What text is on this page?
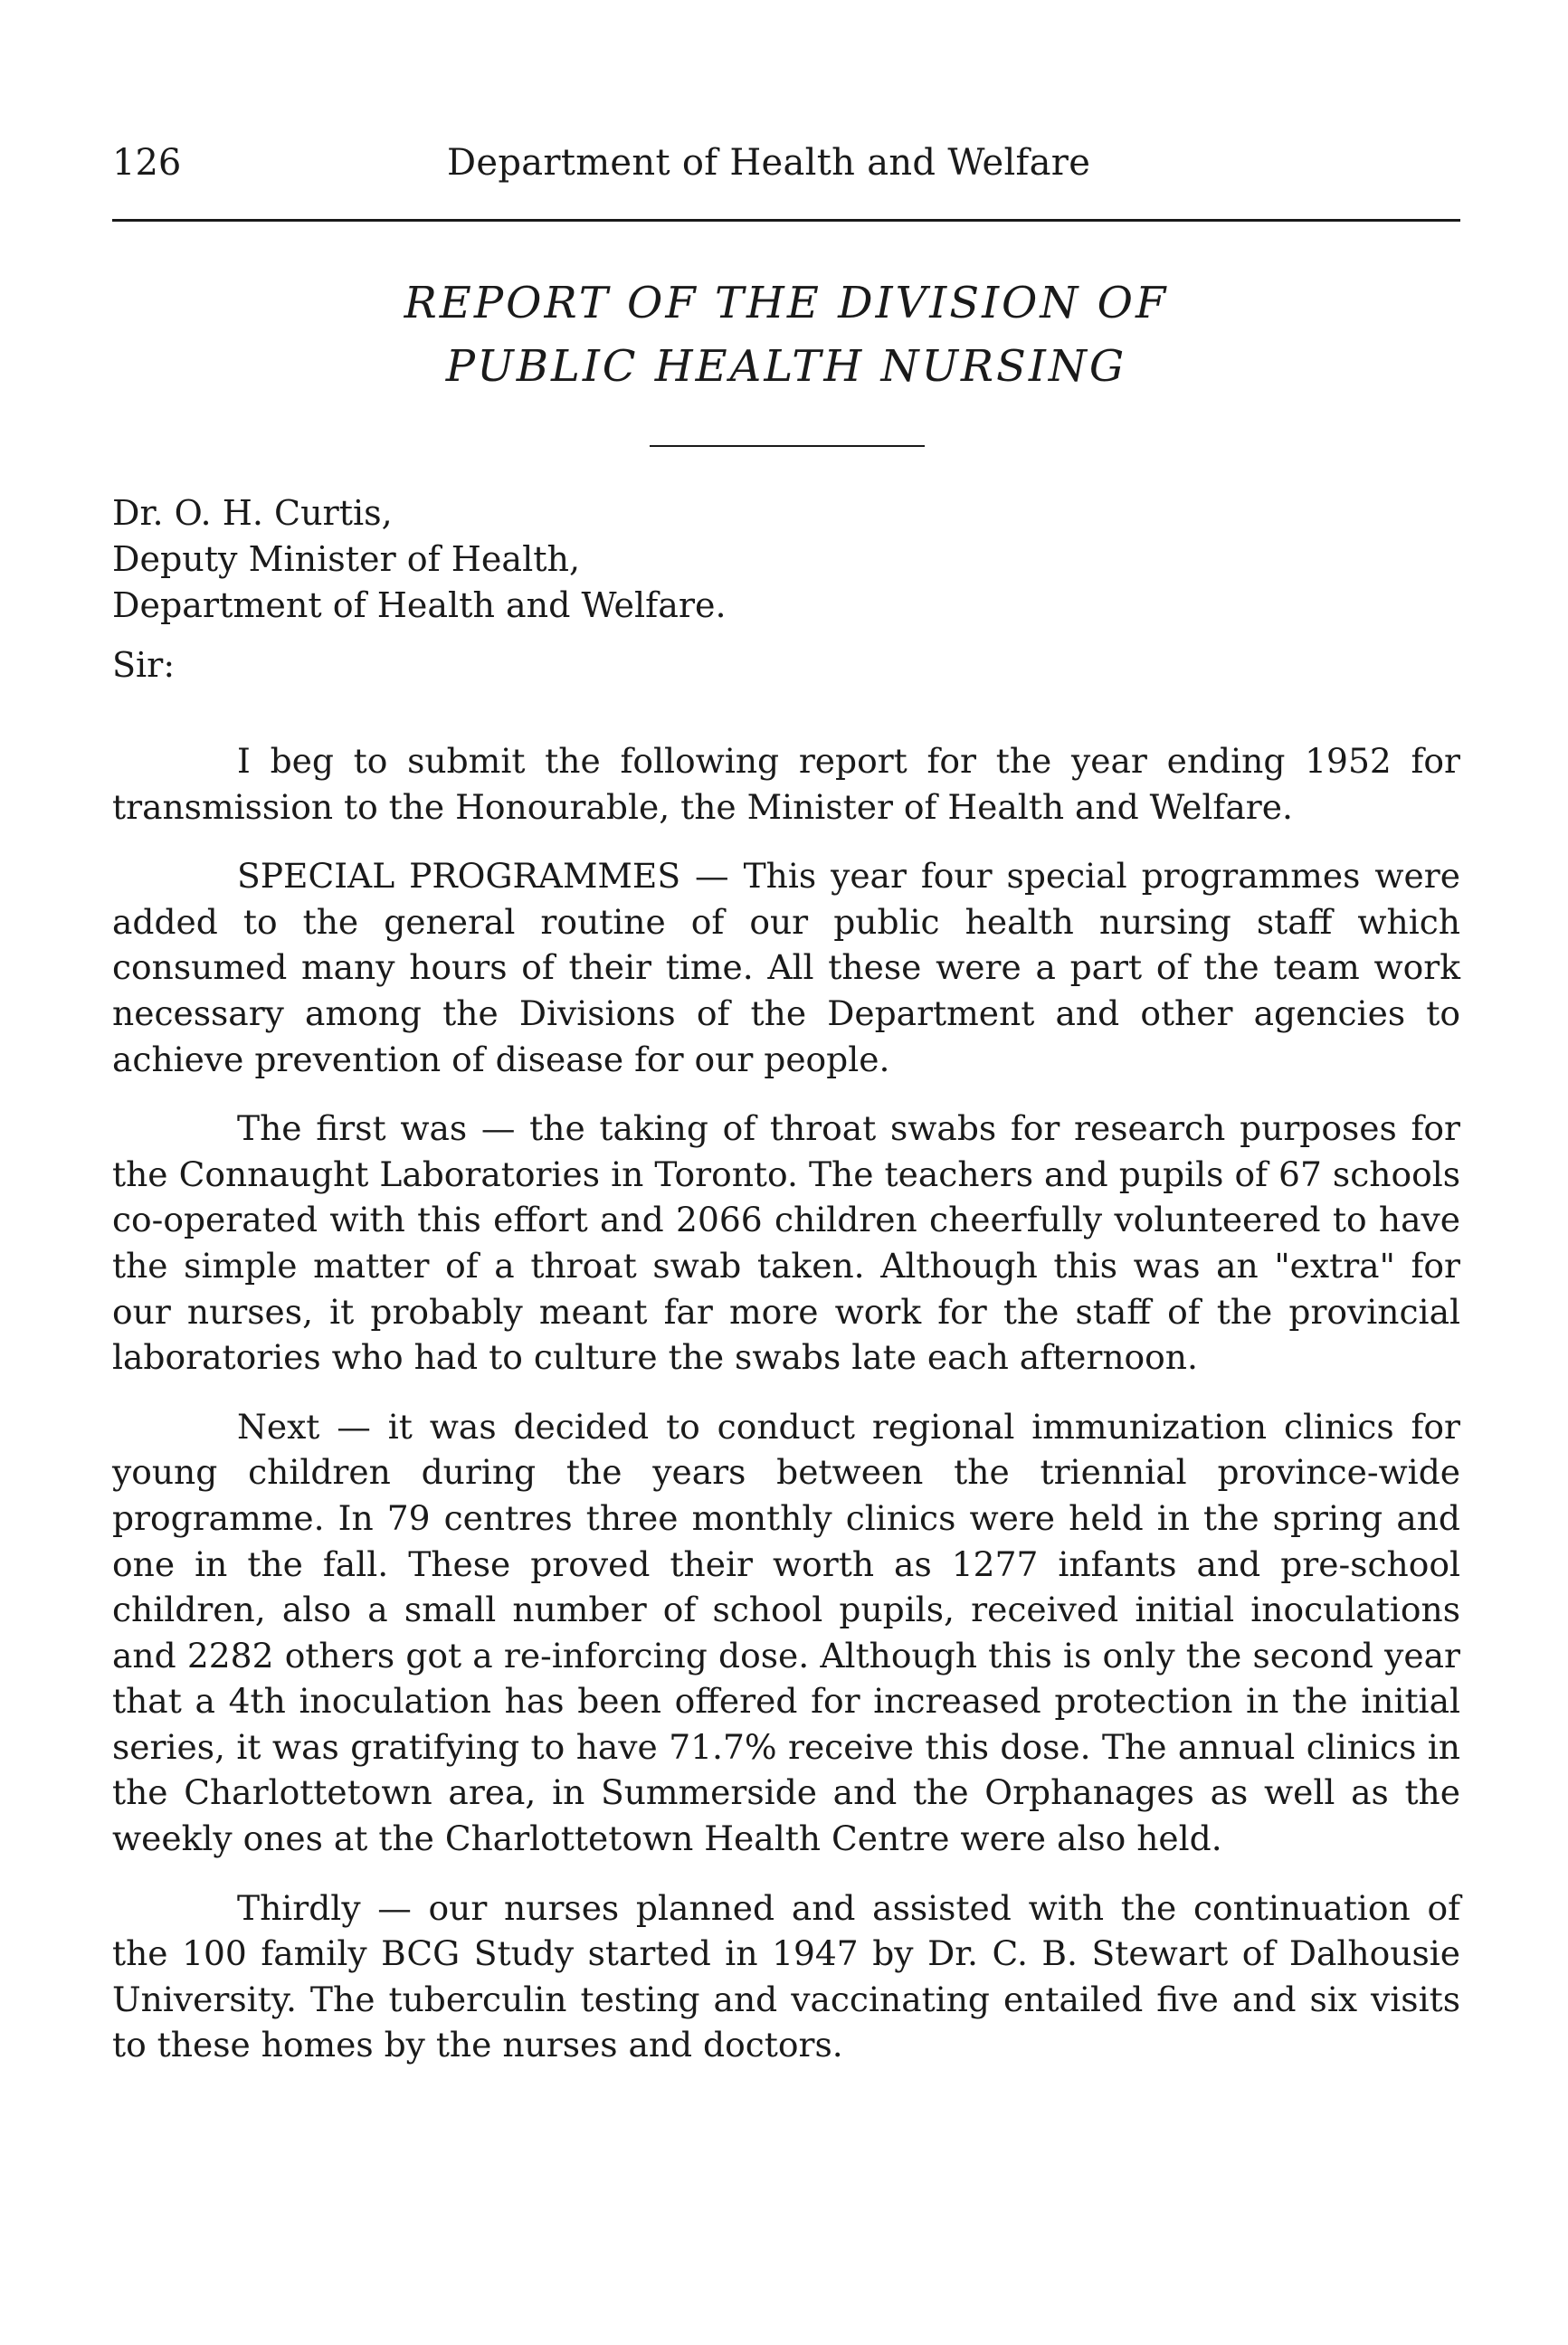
126	Department of Health and Welfare
REPORT OF THE DIVISION OF
PUBLIC HEALTH NURSING
Dr. O. H. Curtis,
Deputy Minister of Health,
Department of Health and Welfare.
Sir:

I beg to submit the following report for the year ending 1952 for transmission to the Honourable, the Minister of Health and Welfare.

SPECIAL PROGRAMMES — This year four special programmes were added to the general routine of our public health nursing staff which consumed many hours of their time. All these were a part of the team work necessary among the Divisions of the Department and other agencies to achieve prevention of disease for our people.

The first was — the taking of throat swabs for research purposes for the Connaught Laboratories in Toronto. The teachers and pupils of 67 schools co-operated with this effort and 2066 children cheerfully volunteered to have the simple matter of a throat swab taken. Although this was an "extra" for our nurses, it probably meant far more work for the staff of the provincial laboratories who had to culture the swabs late each afternoon.

Next — it was decided to conduct regional immunization clinics for young children during the years between the triennial province-wide programme. In 79 centres three monthly clinics were held in the spring and one in the fall. These proved their worth as 1277 infants and pre-school children, also a small number of school pupils, received initial inoculations and 2282 others got a re-inforcing dose. Although this is only the second year that a 4th inoculation has been offered for increased protection in the initial series, it was gratifying to have 71.7% receive this dose. The annual clinics in the Charlottetown area, in Summerside and the Orphanages as well as the weekly ones at the Charlottetown Health Centre were also held.

Thirdly — our nurses planned and assisted with the continuation of the 100 family BCG Study started in 1947 by Dr. C. B. Stewart of Dalhousie University. The tuberculin testing and vaccinating entailed five and six visits to these homes by the nurses and doctors.
